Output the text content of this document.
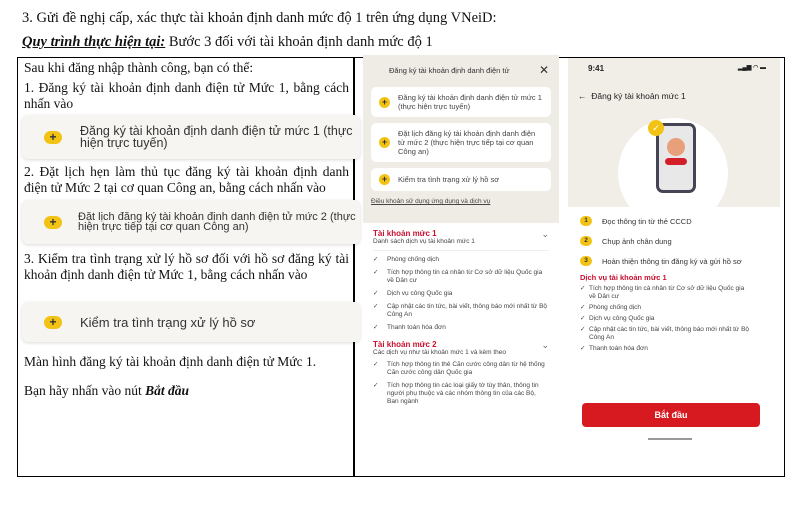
3. Gửi đề nghị cấp, xác thực tài khoản định danh mức độ 1 trên ứng dụng VNeiD:
Quy trình thực hiện tại: Bước 3 đối với tài khoản định danh mức độ 1
Sau khi đăng nhập thành công, bạn có thể:
1. Đăng ký tài khoản định danh điện tử Mức 1, bằng cách nhấn vào
+	Đăng ký tài khoản định danh điện tử mức 1 (thực hiện trực tuyến)
2. Đặt lịch hẹn làm thủ tục đăng ký tài khoản định danh điện tử Mức 2 tại cơ quan Công an, bằng cách nhấn vào
+	Đặt lịch đăng ký tài khoản định danh điện tử mức 2 (thực hiện trực tiếp tại cơ quan Công an)
3. Kiểm tra tình trạng xử lý hồ sơ đối với hồ sơ đăng ký tài khoản định danh điện tử Mức 1, bằng cách nhấn vào
+	Kiểm tra tình trạng xử lý hồ sơ
Màn hình đăng ký tài khoản định danh điện tử Mức 1.
Bạn hãy nhấn vào nút Bắt đầu
Đăng ký tài khoản định danh điện tử ✕
+	Đăng ký tài khoản định danh điện tử mức 1 (thực hiện trực tuyến)
+
Đặt lịch đăng ký tài khoản định danh điện tử mức 2 (thực hiện trực tiếp tại cơ quan Công an)
+	Kiểm tra tình trạng xử lý hồ sơ
Điều khoản sử dụng ứng dụng và dịch vụ
Tài khoản mức 1
Danh sách dịch vụ tài khoản mức 1
⌄
✓	Phòng chống dịch
✓	Tích hợp thông tin cá nhân từ Cơ sở dữ liệu Quốc gia về Dân cư
✓	Dịch vụ công Quốc gia
✓	Cập nhật các tin tức, bài viết, thông báo mới nhất từ Bộ Công An
✓	Thanh toán hóa đơn
Tài khoản mức 2
Các dịch vụ như tài khoản mức 1 và kèm theo
⌄
✓	Tích hợp thông tin thẻ Căn cước công dân từ hệ thống Căn cước công dân Quốc gia
✓	Tích hợp thông tin các loại giấy tờ tùy thân, thông tin người phụ thuộc và các nhóm thông tin của các Bộ, Ban ngành
9:41	▂▄▆ ◠ ▬
← Đăng ký tài khoản mức 1
✓
1	Đọc thông tin từ thẻ CCCD
2	Chụp ảnh chân dung
3	Hoàn thiện thông tin đăng ký và gửi hồ sơ
Dịch vụ tài khoản mức 1
✓ Tích hợp thông tin cá nhân từ Cơ sở dữ liệu Quốc gia về Dân cư
✓ Phòng chống dịch
✓ Dịch vụ công Quốc gia
✓ Cập nhật các tin tức, bài viết, thông báo mới nhất từ Bộ Công An
✓ Thanh toán hóa đơn
Bắt đầu
